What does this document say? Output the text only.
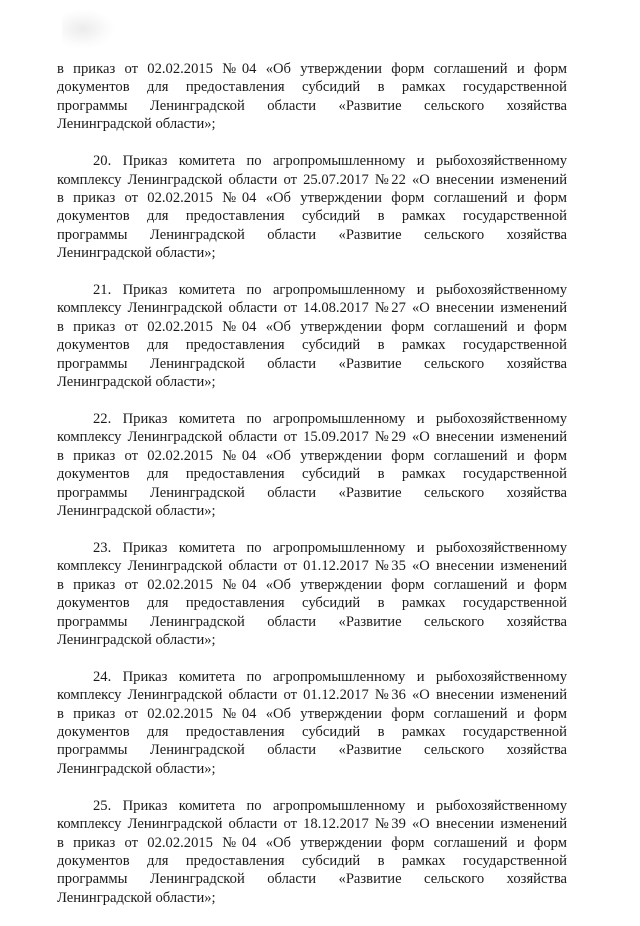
в приказ от 02.02.2015 №04 «Об утверждении форм соглашений и форм
документов для предоставления субсидий в рамках государственной
программы Ленинградской области «Развитие сельского хозяйства
Ленинградской области»;

20. Приказ комитета по агропромышленному и рыбохозяйственному
комплексу Ленинградской области от 25.07.2017 №22 «О внесении изменений
в приказ от 02.02.2015 №04 «Об утверждении форм соглашений и форм
документов для предоставления субсидий в рамках государственной
программы Ленинградской области «Развитие сельского хозяйства
Ленинградской области»;

21. Приказ комитета по агропромышленному и рыбохозяйственному
комплексу Ленинградской области от 14.08.2017 №27 «О внесении изменений
в приказ от 02.02.2015 №04 «Об утверждении форм соглашений и форм
документов для предоставления субсидий в рамках государственной
программы Ленинградской области «Развитие сельского хозяйства
Ленинградской области»;

22. Приказ комитета по агропромышленному и рыбохозяйственному
комплексу Ленинградской области от 15.09.2017 №29 «О внесении изменений
в приказ от 02.02.2015 №04 «Об утверждении форм соглашений и форм
документов для предоставления субсидий в рамках государственной
программы Ленинградской области «Развитие сельского хозяйства
Ленинградской области»;

23. Приказ комитета по агропромышленному и рыбохозяйственному
комплексу Ленинградской области от 01.12.2017 №35 «О внесении изменений
в приказ от 02.02.2015 №04 «Об утверждении форм соглашений и форм
документов для предоставления субсидий в рамках государственной
программы Ленинградской области «Развитие сельского хозяйства
Ленинградской области»;

24. Приказ комитета по агропромышленному и рыбохозяйственному
комплексу Ленинградской области от 01.12.2017 №36 «О внесении изменений
в приказ от 02.02.2015 №04 «Об утверждении форм соглашений и форм
документов для предоставления субсидий в рамках государственной
программы Ленинградской области «Развитие сельского хозяйства
Ленинградской области»;

25. Приказ комитета по агропромышленному и рыбохозяйственному
комплексу Ленинградской области от 18.12.2017 №39 «О внесении изменений
в приказ от 02.02.2015 №04 «Об утверждении форм соглашений и форм
документов для предоставления субсидий в рамках государственной
программы Ленинградской области «Развитие сельского хозяйства
Ленинградской области»;
